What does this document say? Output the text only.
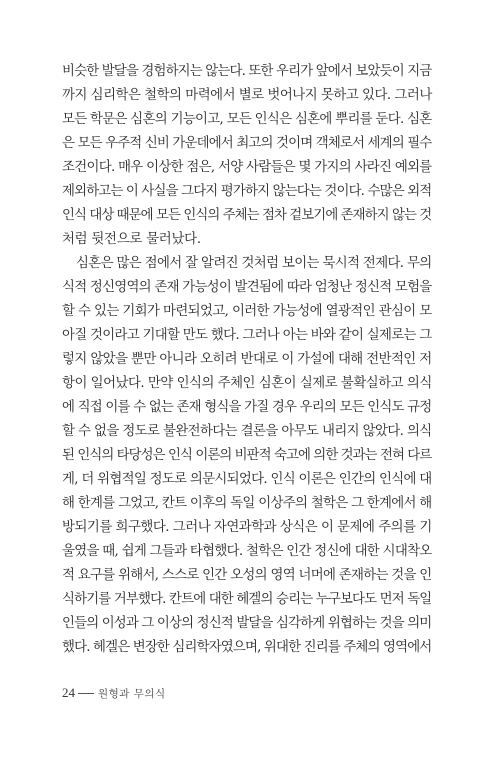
비슷한 발달을 경험하지는 않는다. 또한 우리가 앞에서 보았듯이 지금
까지 심리학은 철학의 마력에서 별로 벗어나지 못하고 있다. 그러나
모든 학문은 심혼의 기능이고, 모든 인식은 심혼에 뿌리를 둔다. 심혼
은 모든 우주적 신비 가운데에서 최고의 것이며 객체로서 세계의 필수
조건이다. 매우 이상한 점은, 서양 사람들은 몇 가지의 사라진 예외를
제외하고는 이 사실을 그다지 평가하지 않는다는 것이다. 수많은 외적
인식 대상 때문에 모든 인식의 주체는 점차 겉보기에 존재하지 않는 것
처럼 뒷전으로 물러났다.
심혼은 많은 점에서 잘 알려진 것처럼 보이는 묵시적 전제다. 무의
식적 정신영역의 존재 가능성이 발견됨에 따라 엄청난 정신적 모험을
할 수 있는 기회가 마련되었고, 이러한 가능성에 열광적인 관심이 모
아질 것이라고 기대할 만도 했다. 그러나 아는 바와 같이 실제로는 그
렇지 않았을 뿐만 아니라 오히려 반대로 이 가설에 대해 전반적인 저
항이 일어났다. 만약 인식의 주체인 심혼이 실제로 불확실하고 의식
에 직접 이를 수 없는 존재 형식을 가질 경우 우리의 모든 인식도 규정
할 수 없을 정도로 불완전하다는 결론을 아무도 내리지 않았다. 의식
된 인식의 타당성은 인식 이론의 비판적 숙고에 의한 것과는 전혀 다르
게, 더 위협적일 정도로 의문시되었다. 인식 이론은 인간의 인식에 대
해 한계를 그었고, 칸트 이후의 독일 이상주의 철학은 그 한계에서 해
방되기를 희구했다. 그러나 자연과학과 상식은 이 문제에 주의를 기
울였을 때, 쉽게 그들과 타협했다. 철학은 인간 정신에 대한 시대착오
적 요구를 위해서, 스스로 인간 오성의 영역 너머에 존재하는 것을 인
식하기를 거부했다. 칸트에 대한 헤겔의 승리는 누구보다도 먼저 독일
인들의 이성과 그 이상의 정신적 발달을 심각하게 위협하는 것을 의미
했다. 헤겔은 변장한 심리학자였으며, 위대한 진리를 주체의 영역에서
24 원형과 무의식
